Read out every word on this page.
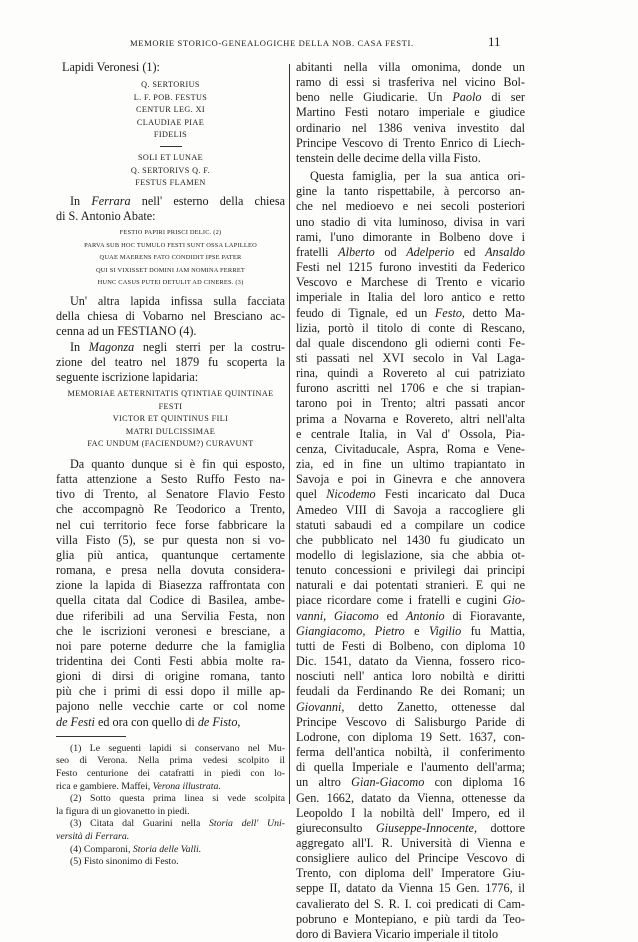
MEMORIE STORICO-GENEALOGICHE DELLA NOB. CASA FESTI.	11
Lapidi Veronesi (1):
Q. SERTORIUS
L. F. POB. FESTUS
CENTUR LEG. XI
CLAUDIAE PIAE
FIDELIS
SOLI ET LUNAE
Q. SERTORIVS Q. F.
FESTUS FLAMEN
In Ferrara nell' esterno della chiesa
di S. Antonio Abate:
FESTIO PAPIRI PRISCI DELIC. (2)
PARVA SUB HOC TUMULO FESTI SUNT OSSA LAPILLEO
QUAE MAERENS FATO CONDIDIT IPSE PATER
QUI SI VIXISSET DOMINI JAM NOMINA FERRET
HUNC CASUS PUTEI DETULIT AD CINERES. (3)
Un' altra lapida infissa sulla facciata
della chiesa di Vobarno nel Bresciano ac-
cenna ad un FESTIANO (4).
In Magonza negli sterri per la costru-
zione del teatro nel 1879 fu scoperta la
seguente iscrizione lapidaria:
MEMORIAE AETERNITATIS QTINTIAE QUINTINAE
FESTI
VICTOR ET QUINTINUS FILI
MATRI DULCISSIMAE
FAC UNDUM (FACIENDUM?) CURAVUNT
Da quanto dunque si è fin qui esposto,
fatta attenzione a Sesto Ruffo Festo na-
tivo di Trento, al Senatore Flavio Festo
che accompagnò Re Teodorico a Trento,
nel cui territorio fece forse fabbricare la
villa Fisto (5), se pur questa non si vo-
glia più antica, quantunque certamente
romana, e presa nella dovuta considera-
zione la lapida di Biasezza raffrontata con
quella citata dal Codice di Basilea, ambe-
due riferibili ad una Servilia Festa, non
che le iscrizioni veronesi e bresciane, a
noi pare poterne dedurre che la famiglia
tridentina dei Conti Festi abbia molte ra-
gioni di dirsi di origine romana, tanto
più che i primi di essi dopo il mille ap-
pajono nelle vecchie carte or col nome
de Festi ed ora con quello di de Fisto,
(1) Le seguenti lapidi si conservano nel Mu-
seo di Verona. Nella prima vedesi scolpito il
Festo centurione dei catafratti in piedi con lo-
rica e gambiere. Maffei, Verona illustrata.
(2) Sotto questa prima linea si vede scolpita
la figura di un giovanetto in piedi.
(3) Citata dal Guarini nella Storia dell' Uni-
versità di Ferrara.
(4) Comparoni, Storia delle Valli.
(5) Fisto sinonimo di Festo.
abitanti nella villa omonima, donde un
ramo di essi si trasferiva nel vicino Bol-
beno nelle Giudicarie. Un Paolo di ser
Martino Festi notaro imperiale e giudice
ordinario nel 1386 veniva investito dal
Principe Vescovo di Trento Enrico di Liech-
tenstein delle decime della villa Fisto.
Questa famiglia, per la sua antica ori-
gine la tanto rispettabile, à percorso an-
che nel medioevo e nei secoli posteriori
uno stadio di vita luminoso, divisa in vari
rami, l'uno dimorante in Bolbeno dove i
fratelli Alberto od Adelperio ed Ansaldo
Festi nel 1215 furono investiti da Federico
Vescovo e Marchese di Trento e vicario
imperiale in Italia del loro antico e retto
feudo di Tignale, ed un Festo, detto Ma-
lizia, portò il titolo di conte di Rescano,
dal quale discendono gli odierni conti Fe-
sti passati nel XVI secolo in Val Laga-
rina, quindi a Rovereto al cui patriziato
furono ascritti nel 1706 e che si trapian-
tarono poi in Trento; altri passati ancor
prima a Novarna e Rovereto, altri nell'alta
e centrale Italia, in Val d' Ossola, Pia-
cenza, Civitaducale, Aspra, Roma e Vene-
zia, ed in fine un ultimo trapiantato in
Savoja e poi in Ginevra e che annovera
quel Nicodemo Festi incaricato dal Duca
Amedeo VIII di Savoja a raccogliere gli
statuti sabaudi ed a compilare un codice
che pubblicato nel 1430 fu giudicato un
modello di legislazione, sia che abbia ot-
tenuto concessioni e privilegi dai principi
naturali e dai potentati stranieri. E qui ne
piace ricordare come i fratelli e cugini Gio-
vanni, Giacomo ed Antonio di Fioravante,
Giangiacomo, Pietro e Vigilio fu Mattia,
tutti de Festi di Bolbeno, con diploma 10
Dic. 1541, datato da Vienna, fossero rico-
nosciuti nell' antica loro nobiltà e diritti
feudali da Ferdinando Re dei Romani; un
Giovanni, detto Zanetto, ottenesse dal
Principe Vescovo di Salisburgo Paride di
Lodrone, con diploma 19 Sett. 1637, con-
ferma dell'antica nobiltà, il conferimento
di quella Imperiale e l'aumento dell'arma;
un altro Gian-Giacomo con diploma 16
Gen. 1662, datato da Vienna, ottenesse da
Leopoldo I la nobiltà dell' Impero, ed il
giureconsulto Giuseppe-Innocente, dottore
aggregato all'I. R. Università di Vienna e
consigliere aulico del Principe Vescovo di
Trento, con diploma dell' Imperatore Giu-
seppe II, datato da Vienna 15 Gen. 1776, il
cavalierato del S. R. I. coi predicati di Cam-
pobruno e Montepiano, e più tardi da Teo-
doro di Baviera Vicario imperiale il titolo
